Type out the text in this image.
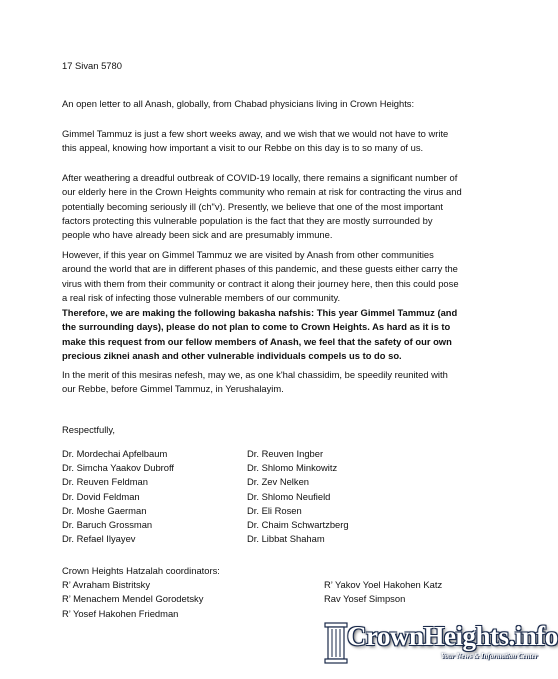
17 Sivan 5780

An open letter to all Anash, globally, from Chabad physicians living in Crown Heights:

Gimmel Tammuz is just a few short weeks away, and we wish that we would not have to write this appeal, knowing how important a visit to our Rebbe on this day is to so many of us.

After weathering a dreadful outbreak of COVID-19 locally, there remains a significant number of our elderly here in the Crown Heights community who remain at risk for contracting the virus and potentially becoming seriously ill (ch"v). Presently, we believe that one of the most important factors protecting this vulnerable population is the fact that they are mostly surrounded by people who have already been sick and are presumably immune.

However, if this year on Gimmel Tammuz we are visited by Anash from other communities around the world that are in different phases of this pandemic, and these guests either carry the virus with them from their community or contract it along their journey here, then this could pose a real risk of infecting those vulnerable members of our community.

Therefore, we are making the following bakasha nafshis: This year Gimmel Tammuz (and the surrounding days), please do not plan to come to Crown Heights. As hard as it is to make this request from our fellow members of Anash, we feel that the safety of our own precious ziknei anash and other vulnerable individuals compels us to do so.

In the merit of this mesiras nefesh, may we, as one k'hal chassidim, be speedily reunited with our Rebbe, before Gimmel Tammuz, in Yerushalayim.

Respectfully,

Dr. Mordechai Apfelbaum
Dr. Simcha Yaakov Dubroff
Dr. Reuven Feldman
Dr. Dovid Feldman
Dr. Moshe Gaerman
Dr. Baruch Grossman
Dr. Refael Ilyayev
Dr. Reuven Ingber
Dr. Shlomo Minkowitz
Dr. Zev Nelken
Dr. Shlomo Neufield
Dr. Eli Rosen
Dr. Chaim Schwartzberg
Dr. Libbat Shaham
Crown Heights Hatzalah coordinators:
R’ Avraham Bistritsky
R’ Menachem Mendel Gorodetsky
R’ Yosef Hakohen Friedman
R’ Yakov Yoel Hakohen Katz
Rav Yosef Simpson
CrownHeights.info
Your News & Information Center
